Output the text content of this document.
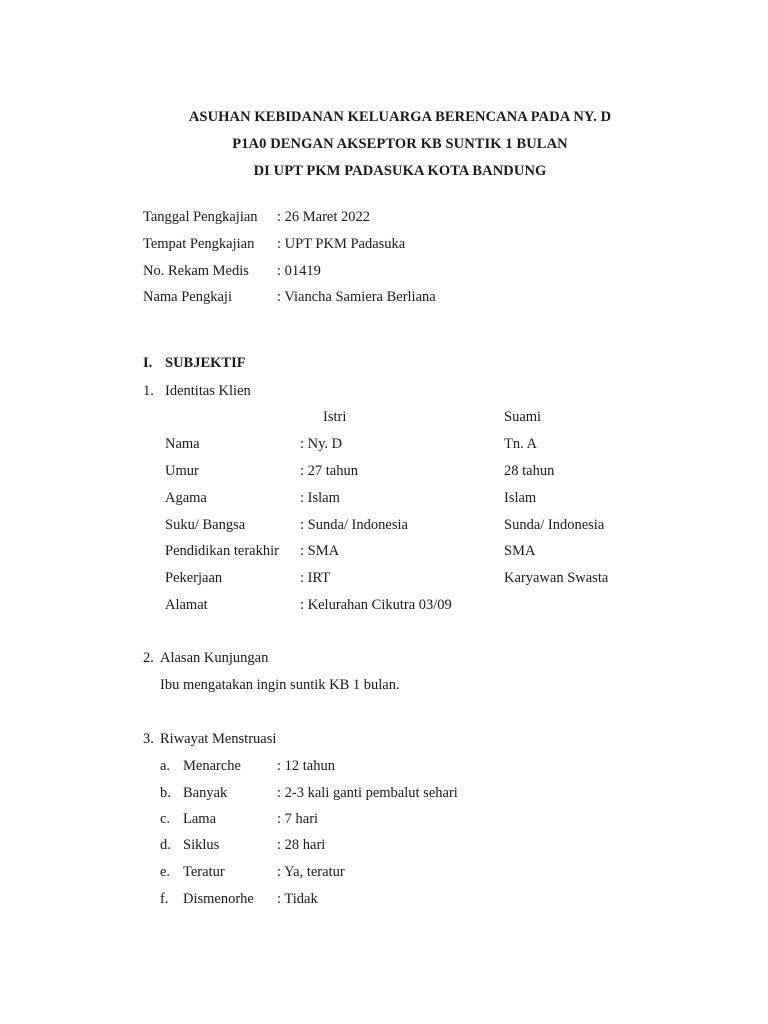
ASUHAN KEBIDANAN KELUARGA BERENCANA PADA NY. D
P1A0 DENGAN AKSEPTOR KB SUNTIK 1 BULAN
DI UPT PKM PADASUKA KOTA BANDUNG
Tanggal Pengkajian : 26 Maret 2022
Tempat Pengkajian : UPT PKM Padasuka
No. Rekam Medis : 01419
Nama Pengkaji	: Viancha Samiera Berliana
I. SUBJEKTIF
1. Identitas Klien
Istri	Suami
Nama	: Ny. D	Tn. A
Umur	: 27 tahun	28 tahun
Agama	: Islam	Islam
Suku/ Bangsa	: Sunda/ Indonesia	Sunda/ Indonesia
Pendidikan terakhir : SMA	SMA
Pekerjaan	: IRT	Karyawan Swasta
Alamat	: Kelurahan Cikutra 03/09
2. Alasan Kunjungan
Ibu mengatakan ingin suntik KB 1 bulan.
3. Riwayat Menstruasi
a. Menarche : 12 tahun
b. Banyak	: 2-3 kali ganti pembalut sehari
c. Lama	: 7 hari
d. Siklus	: 28 hari
e. Teratur	: Ya, teratur
f. Dismenorhe : Tidak
